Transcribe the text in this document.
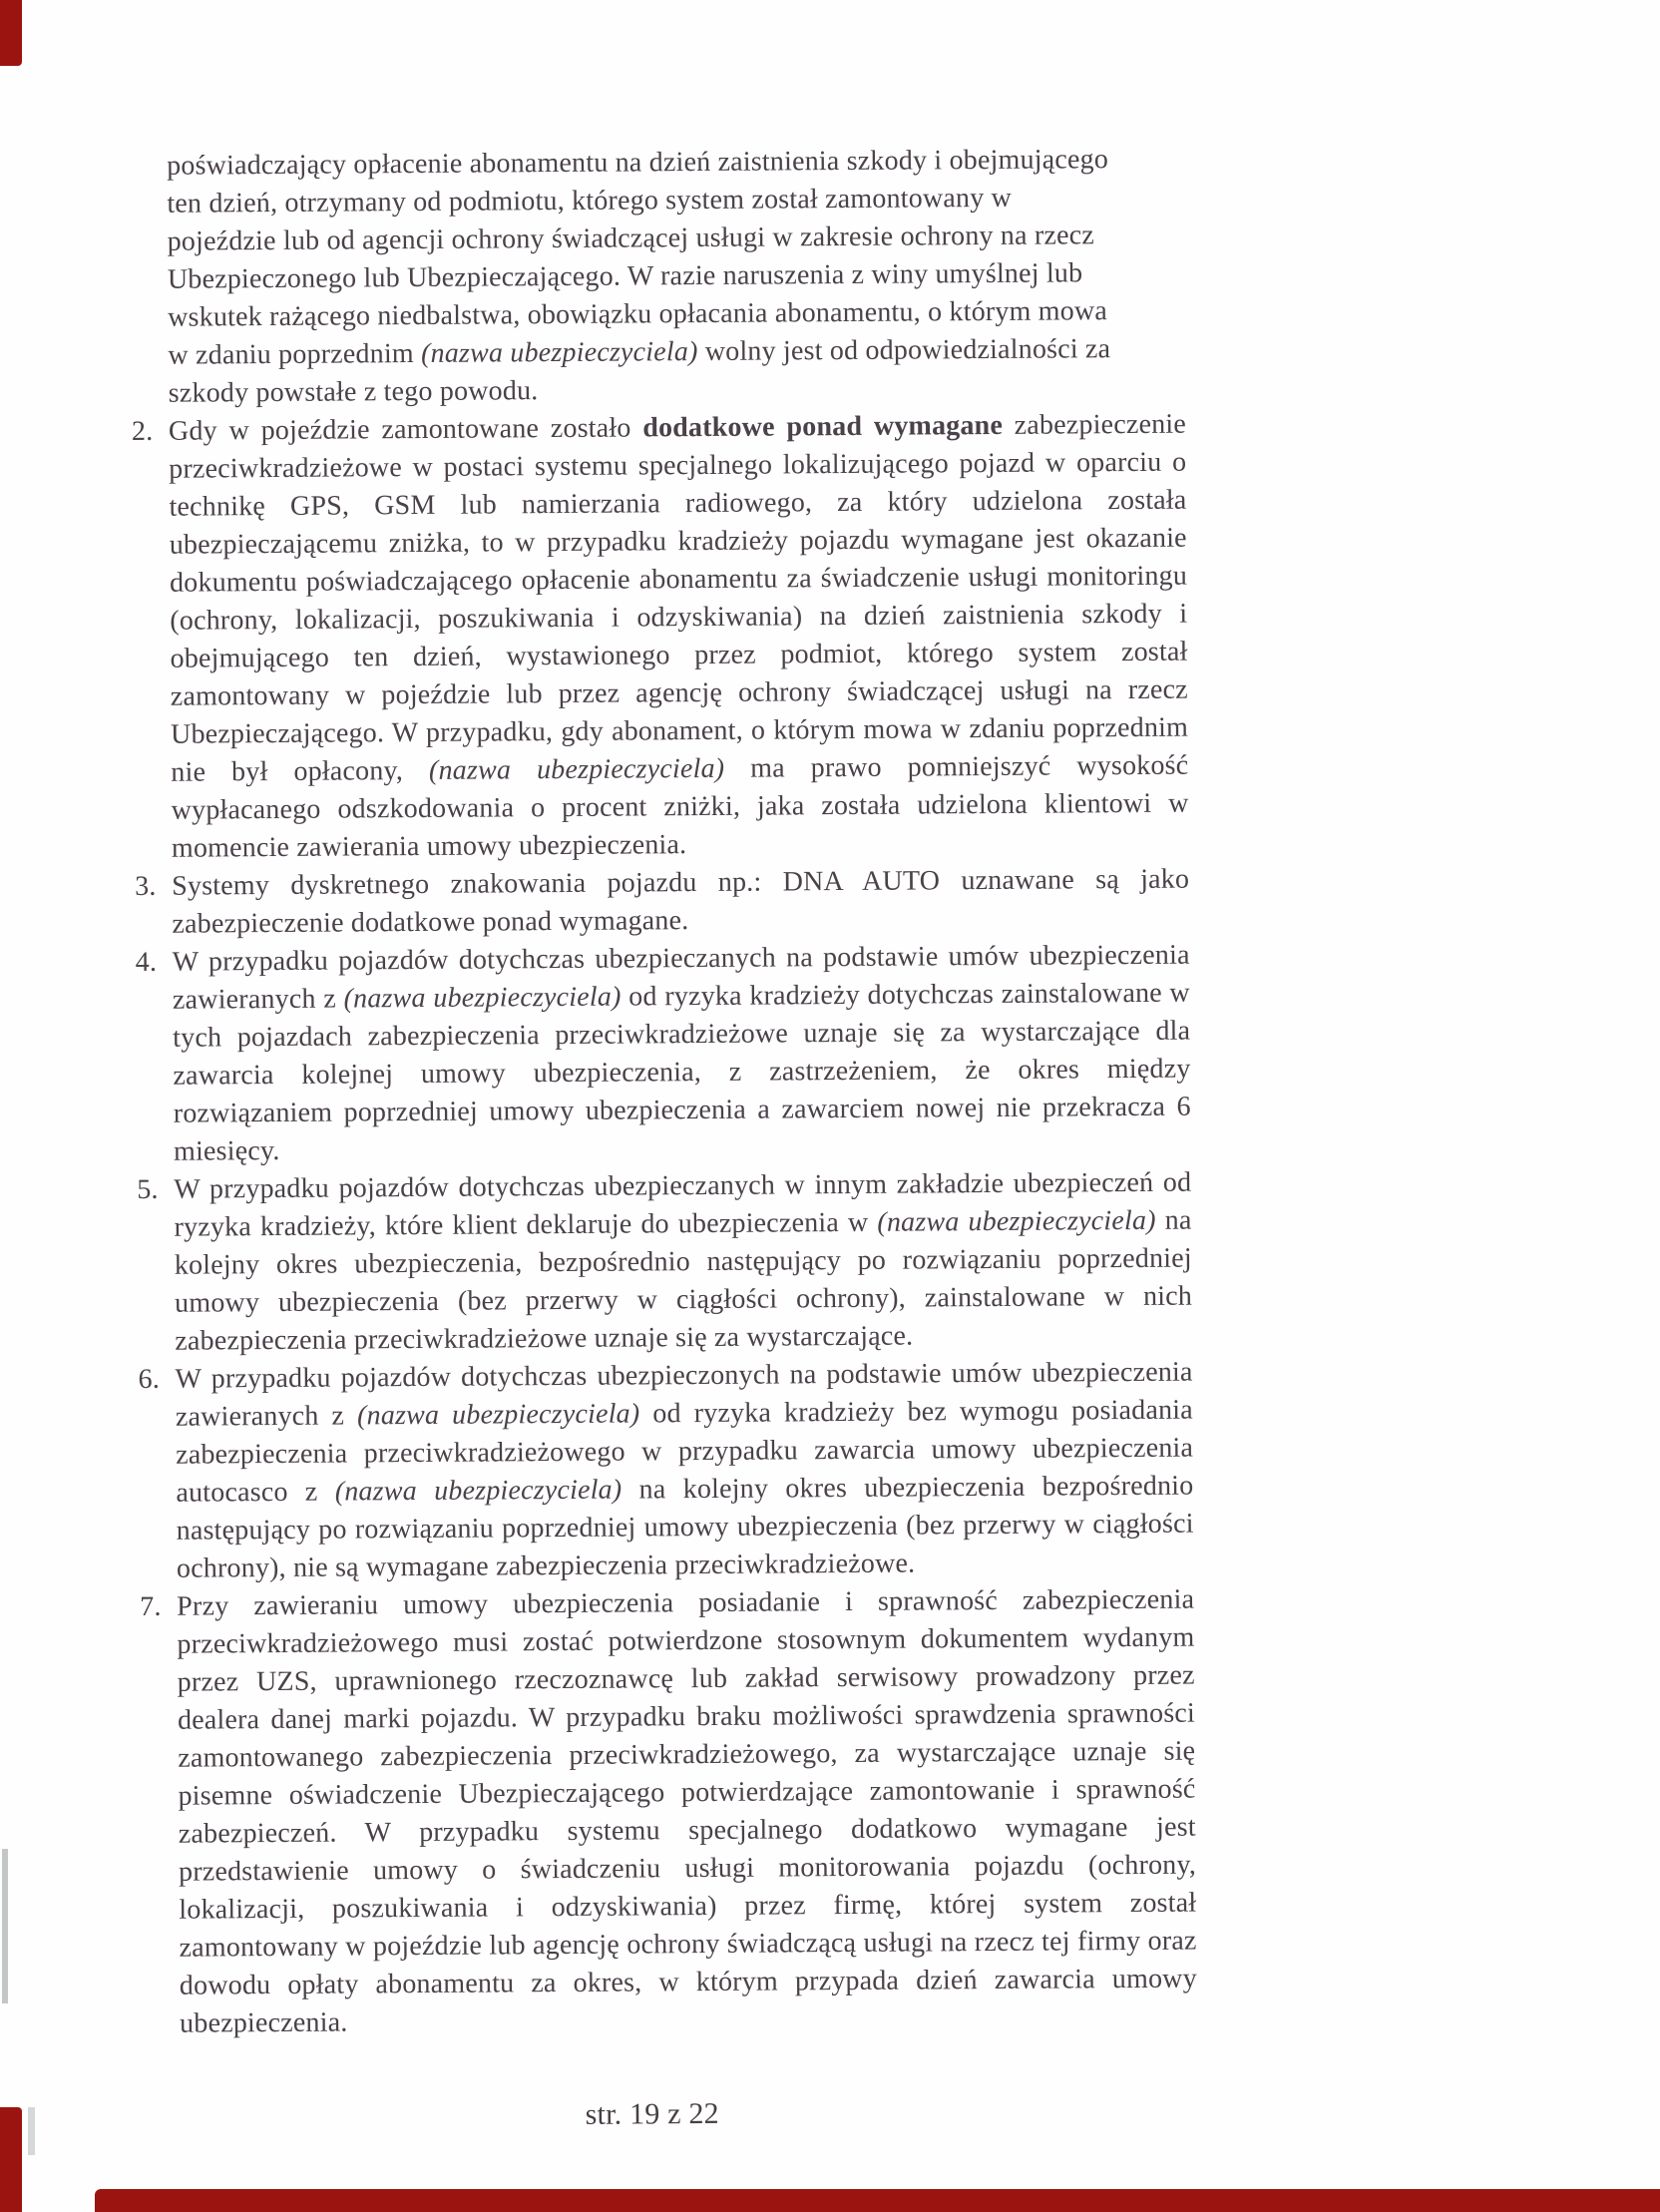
poświadczający opłacenie abonamentu na dzień zaistnienia szkody i obejmującego ten dzień, otrzymany od podmiotu, którego system został zamontowany w pojeździe lub od agencji ochrony świadczącej usługi w zakresie ochrony na rzecz Ubezpieczonego lub Ubezpieczającego. W razie naruszenia z winy umyślnej lub wskutek rażącego niedbalstwa, obowiązku opłacania abonamentu, o którym mowa w zdaniu poprzednim (nazwa ubezpieczyciela) wolny jest od odpowiedzialności za szkody powstałe z tego powodu.

2. Gdy w pojeździe zamontowane zostało dodatkowe ponad wymagane zabezpieczenie przeciwkradzieżowe w postaci systemu specjalnego lokalizującego pojazd w oparciu o technikę GPS, GSM lub namierzania radiowego, za który udzielona została ubezpieczającemu zniżka, to w przypadku kradzieży pojazdu wymagane jest okazanie dokumentu poświadczającego opłacenie abonamentu za świadczenie usługi monitoringu (ochrony, lokalizacji, poszukiwania i odzyskiwania) na dzień zaistnienia szkody i obejmującego ten dzień, wystawionego przez podmiot, którego system został zamontowany w pojeździe lub przez agencję ochrony świadczącej usługi na rzecz Ubezpieczającego. W przypadku, gdy abonament, o którym mowa w zdaniu poprzednim nie był opłacony, (nazwa ubezpieczyciela) ma prawo pomniejszyć wysokość wypłacanego odszkodowania o procent zniżki, jaka została udzielona klientowi w momencie zawierania umowy ubezpieczenia.
3. Systemy dyskretnego znakowania pojazdu np.: DNA AUTO uznawane są jako zabezpieczenie dodatkowe ponad wymagane.
4. W przypadku pojazdów dotychczas ubezpieczanych na podstawie umów ubezpieczenia zawieranych z (nazwa ubezpieczyciela) od ryzyka kradzieży dotychczas zainstalowane w tych pojazdach zabezpieczenia przeciwkradzieżowe uznaje się za wystarczające dla zawarcia kolejnej umowy ubezpieczenia, z zastrzeżeniem, że okres między rozwiązaniem poprzedniej umowy ubezpieczenia a zawarciem nowej nie przekracza 6 miesięcy.
5. W przypadku pojazdów dotychczas ubezpieczanych w innym zakładzie ubezpieczeń od ryzyka kradzieży, które klient deklaruje do ubezpieczenia w (nazwa ubezpieczyciela) na kolejny okres ubezpieczenia, bezpośrednio następujący po rozwiązaniu poprzedniej umowy ubezpieczenia (bez przerwy w ciągłości ochrony), zainstalowane w nich zabezpieczenia przeciwkradzieżowe uznaje się za wystarczające.
6. W przypadku pojazdów dotychczas ubezpieczonych na podstawie umów ubezpieczenia zawieranych z (nazwa ubezpieczyciela) od ryzyka kradzieży bez wymogu posiadania zabezpieczenia przeciwkradzieżowego w przypadku zawarcia umowy ubezpieczenia autocasco z (nazwa ubezpieczyciela) na kolejny okres ubezpieczenia bezpośrednio następujący po rozwiązaniu poprzedniej umowy ubezpieczenia (bez przerwy w ciągłości ochrony), nie są wymagane zabezpieczenia przeciwkradzieżowe.
7. Przy zawieraniu umowy ubezpieczenia posiadanie i sprawność zabezpieczenia przeciwkradzieżowego musi zostać potwierdzone stosownym dokumentem wydanym przez UZS, uprawnionego rzeczoznawcę lub zakład serwisowy prowadzony przez dealera danej marki pojazdu. W przypadku braku możliwości sprawdzenia sprawności zamontowanego zabezpieczenia przeciwkradzieżowego, za wystarczające uznaje się pisemne oświadczenie Ubezpieczającego potwierdzające zamontowanie i sprawność zabezpieczeń. W przypadku systemu specjalnego dodatkowo wymagane jest przedstawienie umowy o świadczeniu usługi monitorowania pojazdu (ochrony, lokalizacji, poszukiwania i odzyskiwania) przez firmę, której system został zamontowany w pojeździe lub agencję ochrony świadczącą usługi na rzecz tej firmy oraz dowodu opłaty abonamentu za okres, w którym przypada dzień zawarcia umowy ubezpieczenia.
str. 19 z 22
